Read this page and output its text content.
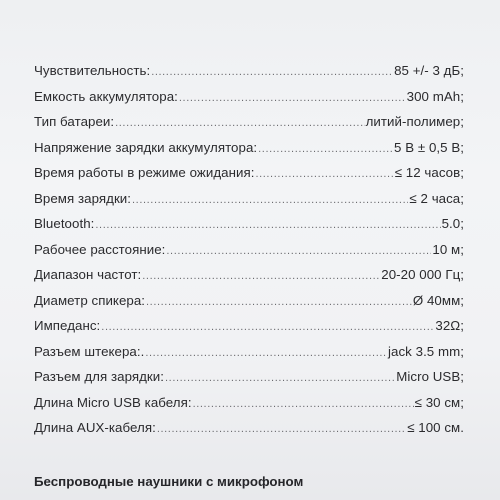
Чувствительность: .....	85 +/- 3 дБ;
Емкость аккумулятора: .....	300 mAh;
Тип батареи: .....	литий-полимер;
Напряжение зарядки аккумулятора: .....	5 В ± 0,5 В;
Время работы в режиме ожидания: .....	≤ 12 часов;
Время зарядки: .....	≤ 2 часа;
Bluetooth: .....	5.0;
Рабочее расстояние: .....	10 м;
Диапазон частот: .....	20-20 000 Гц;
Диаметр спикера: .....	Ø 40мм;
Импеданс: .....	32Ω;
Разъем штекера:. .....	jack 3.5 mm;
Разъем для зарядки: .....	Micro USB;
Длина Micro USB кабеля: .....	≤ 30 см;
Длина AUX-кабеля: .....	≤ 100 см.
Беспроводные наушники с микрофоном
